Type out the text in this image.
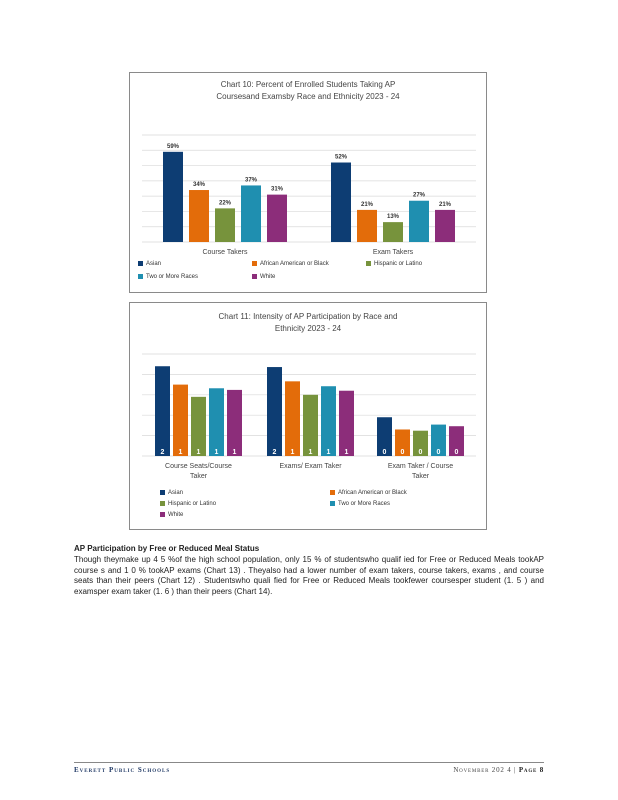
Chart 10: Percent of Enrolled Students Taking AP
Coursesand Examsby Race and Ethnicity 2023 - 24
59%
34%
22%
37%
31%
Course Takers
52%
21%
13%
27%
21%
Exam Takers
Asian	African American or Black	Hispanic or Latino
Two or More Races	White
Chart 11: Intensity of AP Participation by Race and
Ethnicity 2023 - 24
2 1 1 1 1
Course Seats/Course
Taker
2 1 1 1 1
Exams/ Exam Taker
0 0 0 0 0
Exam Taker / Course
Taker
Asian	African American or Black
Hispanic or Latino	Two or More Races
White
AP Participation by Free or Reduced Meal Status
Though theymake up 4 5 %of the high school population, only 15 % of studentswho qualif ied for Free or Reduced Meals tookAP course s and 1 0 % tookAP exams (Chart 13) . Theyalso had a lower number of exam takers, course takers, exams , and course seats than their peers (Chart 12) . Studentswho quali fied for Free or Reduced Meals tookfewer coursesper student (1. 5 ) and examsper exam taker (1. 6 ) than their peers (Chart 14).
Everett Public Schools	November 202 4 | Page 8
